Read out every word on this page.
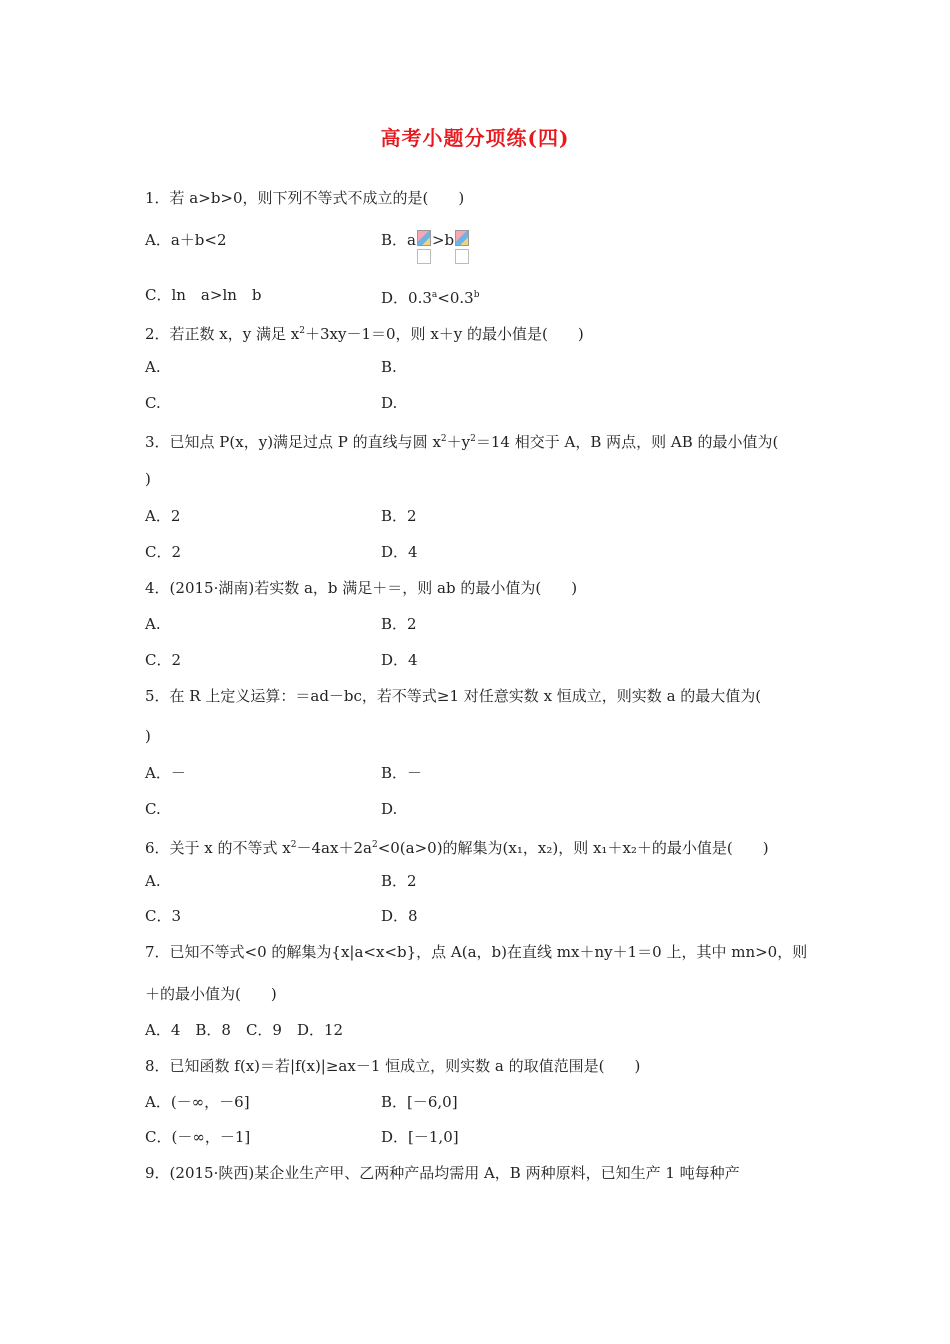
高考小题分项练(四)
1．若 a>b>0，则下列不等式不成立的是(　　)
A．a＋b<2	B．a >b
C．ln　a>ln　b	D．0.3$^a$<0.3$^b$
2．若正数 x，y 满足 $x^2+3xy-1=0$，则 x＋y 的最小值是(　　)
A.	B.
C.	D.
3．已知点 P(x，y)满足过点 P 的直线与圆 $x^2+y^2=14$ 相交于 A，B 两点，则 AB 的最小值为(
)
A．2	B．2
C．2	D．4
4．(2015·湖南)若实数 a，b 满足＋＝，则 ab 的最小值为(　　)
A.	B．2
C．2	D．4
5．在 R 上定义运算：＝ad－bc，若不等式≥1 对任意实数 x 恒成立，则实数 a 的最大值为(
)
A．－	B．－
C.	D.
6．关于 x 的不等式 $x^2-4ax+2a^2<0(a>0)$的解集为(x₁，x₂)，则 x₁＋x₂＋的最小值是(　　)
A.	B．2
C．3	D．8
7．已知不等式<0 的解集为{x|a<x<b}，点 A(a，b)在直线 mx＋ny＋1＝0 上，其中 mn>0，则
＋的最小值为(　　)
A．4　B．8　C．9　D．12
8．已知函数 f(x)＝若|f(x)|≥ax－1 恒成立，则实数 a 的取值范围是(　　)
A．(－∞，－6]	B．[－6,0]
C．(－∞，－1]	D．[－1,0]
9．(2015·陕西)某企业生产甲、乙两种产品均需用 A，B 两种原料，已知生产 1 吨每种产
